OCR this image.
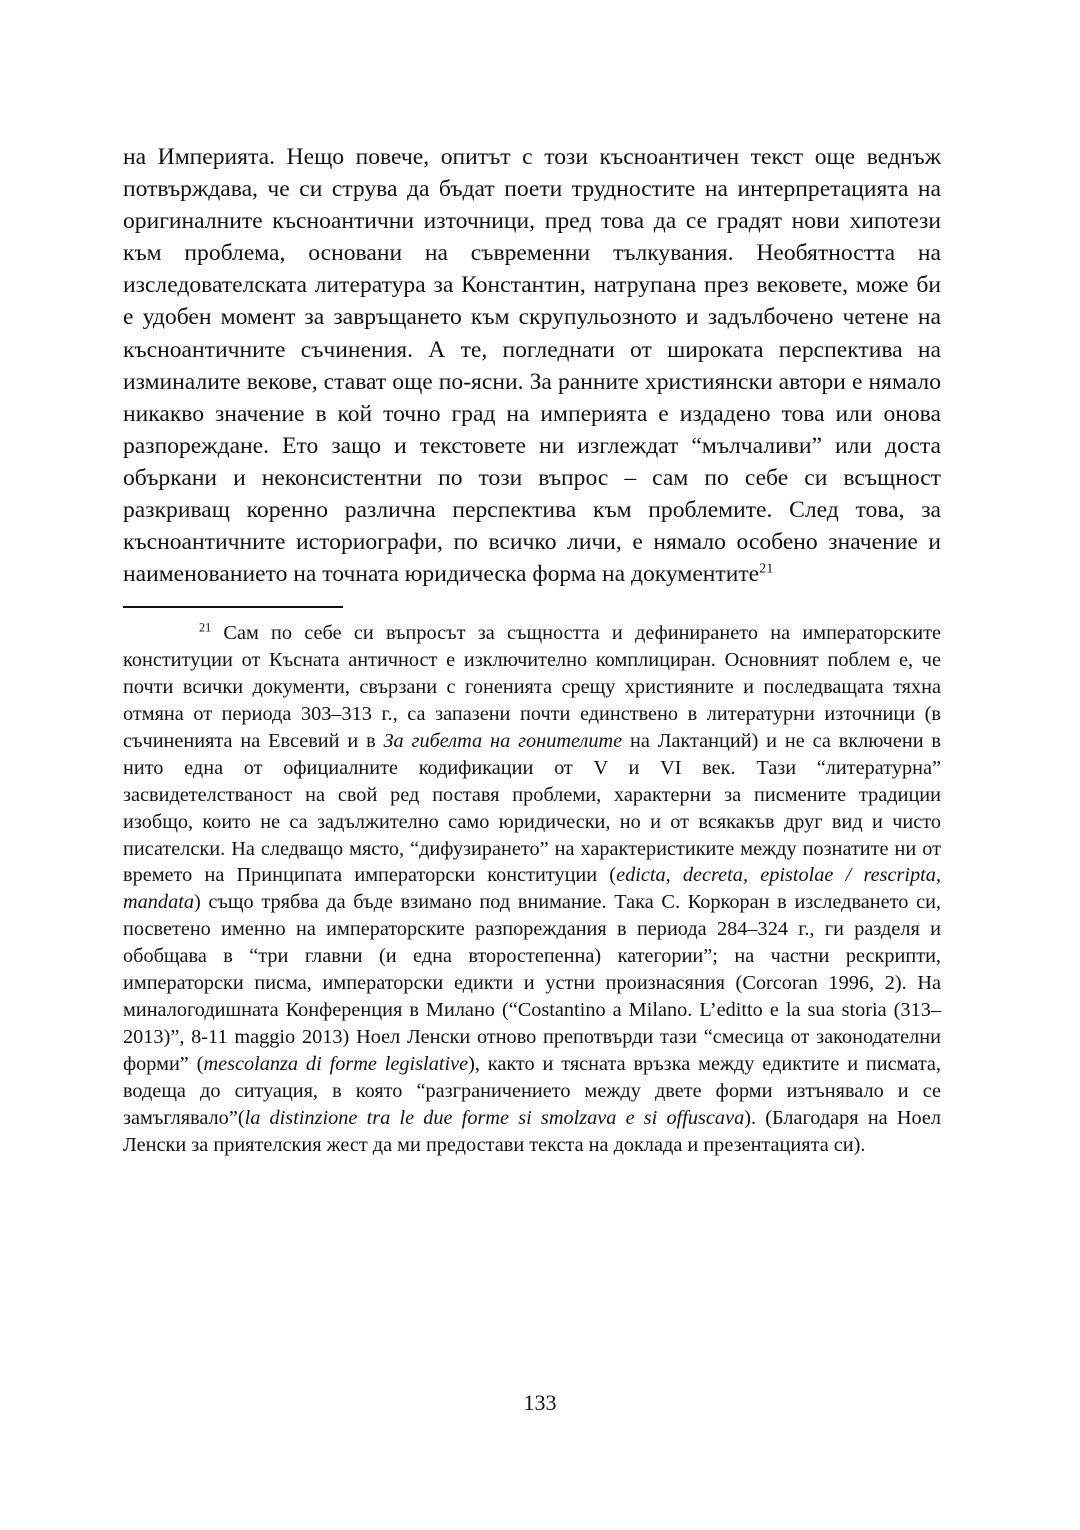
на Империята. Нещо повече, опитът с този късноантичен текст още веднъж потвърждава, че си струва да бъдат поети трудностите на интерпретацията на оригиналните късноантични източници, пред това да се градят нови хипотези към проблема, основани на съвременни тълкувания. Необятността на изследователската литература за Константин, натрупана през вековете, може би е удобен момент за завръщането към скрупульозното и задълбочено четене на късноантичните съчинения. А те, погледнати от широката перспектива на изминалите векове, стават още по-ясни. За ранните християнски автори е нямало никакво значение в кой точно град на империята е издадено това или онова разпореждане. Ето защо и текстовете ни изглеждат “мълчаливи” или доста объркани и неконсистентни по този въпрос – сам по себе си всъщност разкриващ коренно различна перспектива към проблемите. След това, за късноантичните историографи, по всичко личи, е нямало особено значение и наименованието на точната юридическа форма на документите$^{21}$

$^{21}$ Сам по себе си въпросът за същността и дефинирането на императорските конституции от Късната античност е изключително комплициран. Основният поблем е, че почти всички документи, свързани с гоненията срещу християните и последващата тяхна отмяна от периода 303–313 г., са запазени почти единствено в литературни източници (в съчиненията на Евсевий и в За гибелта на гонителите на Лактанций) и не са включени в нито една от официалните кодификации от V и VI век. Тази “литературна” засвидетелстваност на свой ред поставя проблеми, характерни за писмените традиции изобщо, които не са задължително само юридически, но и от всякакъв друг вид и чисто писателски. На следващо място, “дифузирането” на характеристиките между познатите ни от времето на Принципата императорски конституции (edicta, decreta, epistolae / rescripta, mandata) също трябва да бъде взимано под внимание. Така С. Коркоран в изследването си, посветено именно на императорските разпореждания в периода 284–324 г., ги разделя и обобщава в “три главни (и една второстепенна) категории”; на частни рескрипти, императорски писма, императорски едикти и устни произнасяния (Corcoran 1996, 2). На миналогодишната Конференция в Милано (“Costantino a Milano. L’editto e la sua storia (313–2013)”, 8-11 maggio 2013) Ноел Ленски отново препотвърди тази “смесица от законодателни форми” (mescolanza di forme legislative), както и тясната връзка между едиктите и писмата, водеща до ситуация, в която “разграничението между двете форми изтънявало и се замъглявало”(la distinzione tra le due forme si smolzava e si offuscava). (Благодаря на Ноел Ленски за приятелския жест да ми предостави текста на доклада и презентацията си).

133
